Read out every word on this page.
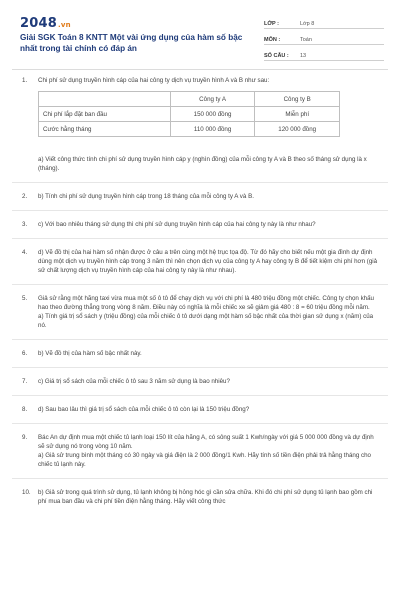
2048.vn
Giải SGK Toán 8 KNTT Một vài ứng dụng của hàm số bậc nhất trong tài chính có đáp án
LỚP :	Lớp 8
MÔN :	Toán
SỐ CÂU :	13
1.	Chi phí sử dụng truyền hình cáp của hai công ty dịch vụ truyền hình A và B như sau:
	Công ty A	Công ty B
Chi phí lắp đặt ban đầu	150 000 đồng	Miễn phí
Cước hằng tháng	110 000 đồng	120 000 đồng
a) Viết công thức tính chi phí sử dụng truyền hình cáp y (nghìn đồng) của mỗi công ty A và B theo số tháng sử dụng là x (tháng).
2.	b) Tính chi phí sử dụng truyền hình cáp trong 18 tháng của mỗi công ty A và B.
3.	c) Với bao nhiêu tháng sử dụng thì chi phí sử dụng truyền hình cáp của hai công ty này là như nhau?
4.	d) Vẽ đồ thị của hai hàm số nhận được ở câu a trên cùng một hệ trục tọa độ. Từ đó hãy cho biết nếu một gia đình dự định dùng một dịch vụ truyền hình cáp trong 3 năm thì nên chọn dịch vụ của công ty A hay công ty B để tiết kiệm chi phí hơn (giả sử chất lượng dịch vụ truyền hình cáp của hai công ty này là như nhau).
5.	Giả sử rằng một hãng taxi vừa mua một số ô tô để chạy dịch vụ với chi phí là 480 triệu đồng một chiếc. Công ty chọn khấu hao theo đường thẳng trong vòng 8 năm. Điều này có nghĩa là mỗi chiếc xe sẽ giảm giá 480 : 8 = 60 triệu đồng mỗi năm.
a) Tính giá trị sổ sách y (triệu đồng) của mỗi chiếc ô tô dưới dạng một hàm số bậc nhất của thời gian sử dụng x (năm) của nó.
6.	b) Vẽ đồ thị của hàm số bậc nhất này.
7.	c) Giá trị sổ sách của mỗi chiếc ô tô sau 3 năm sử dụng là bao nhiêu?
8.	d) Sau bao lâu thì giá trị sổ sách của mỗi chiếc ô tô còn lại là 150 triệu đồng?
9.	Bác An dự định mua một chiếc tủ lạnh loại 150 lít của hãng A, có sông suất 1 Kwh/ngày với giá 5 000 000 đồng và dự định sẽ sử dụng nó trong vòng 10 năm.
a) Giả sử trung bình một tháng có 30 ngày và giá điện là 2 000 đồng/1 Kwh. Hãy tính số tiền điện phải trả hằng tháng cho chiếc tủ lạnh này.
10.	b) Giả sử trong quá trình sử dụng, tủ lạnh không bị hỏng hóc gì cần sửa chữa. Khi đó chi phí sử dụng tủ lạnh bao gồm chi phí mua ban đầu và chi phí tiền điện hằng tháng. Hãy viết công thức
